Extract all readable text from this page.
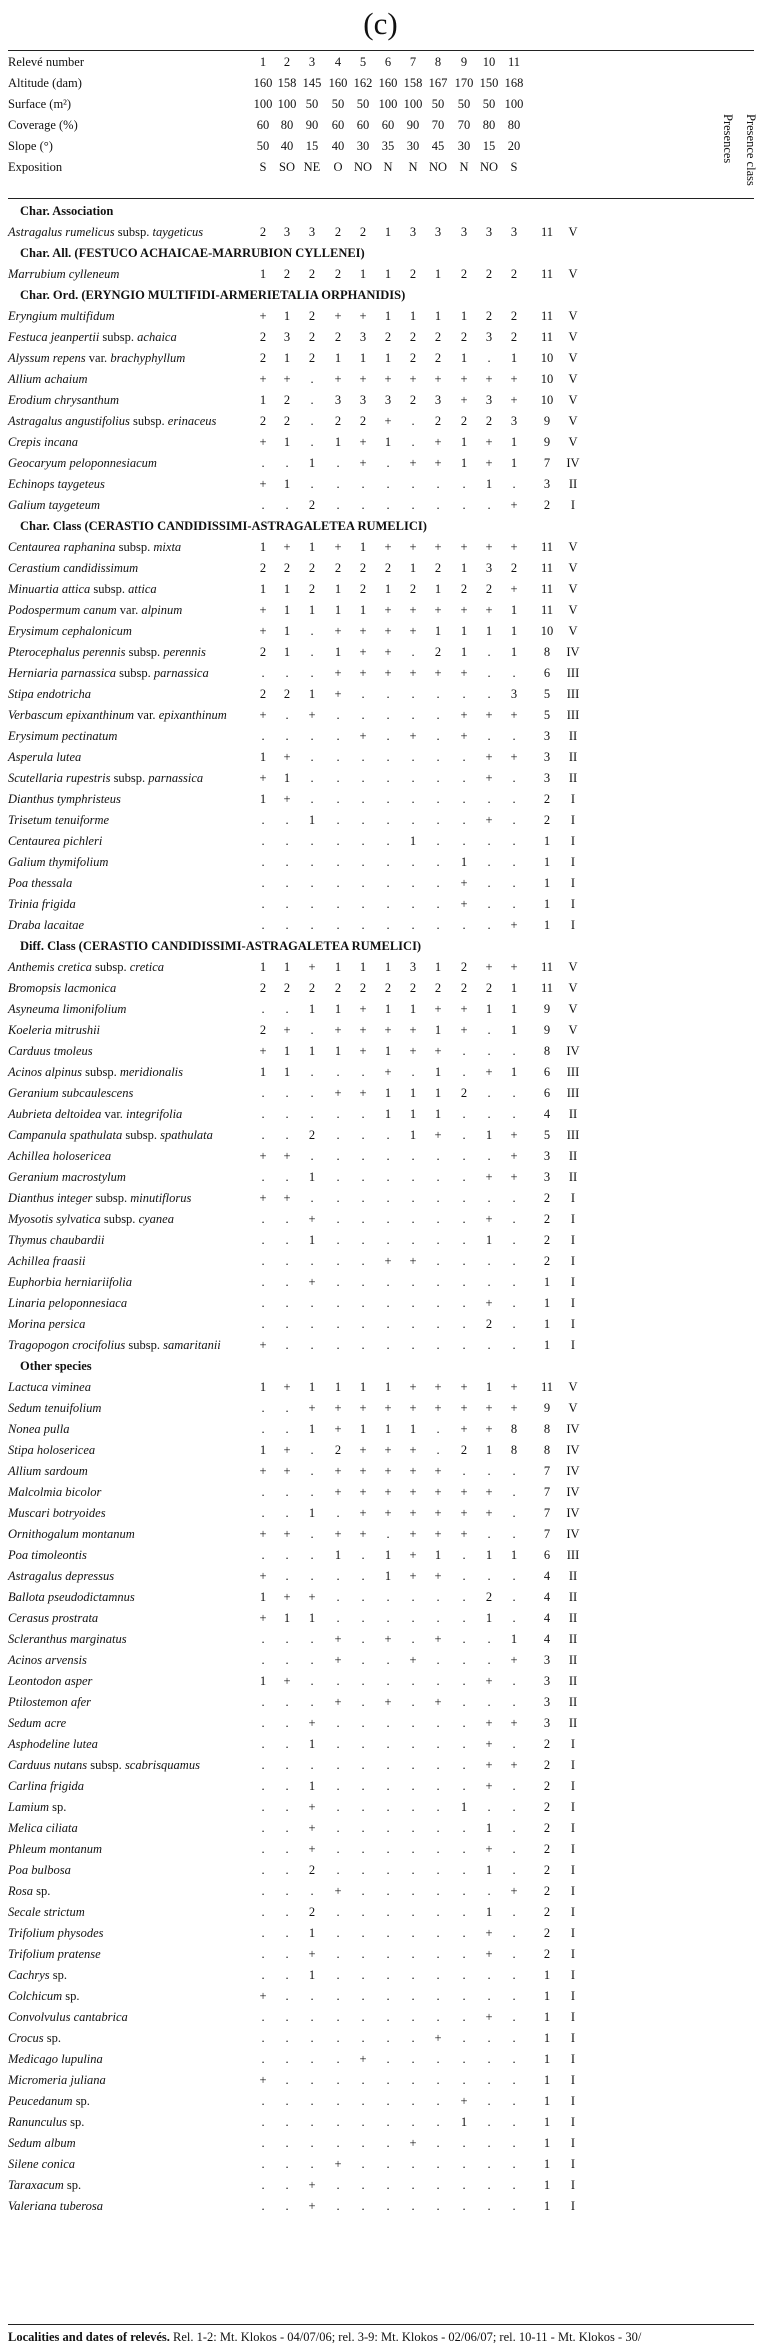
(c)
Relevé number	1	2	3	4	5	6	7	8	9	10	11
Altitude (dam)	160 158 145 160 162 160 158 167 170 150 168
Surface (m²)	100 100 50	50	50 100 100 50	50	50 100
Coverage (%)	60 80	90	60	60	60	90	70	70	80	80
Slope (°)	50 40	15	40	30	35	30	45	30	15	20
Exposition	S	SO NE	O NO N	N NO N NO S
Presences Presence class
Char. Association
Astragalus rumelicus subsp. taygeticus	2	3	3	2	2	1	3	3	3	3	3	11	V
Char. All. (FESTUCO ACHAICAE-MARRUBION CYLLENEI)
Marrubium cylleneum	1	2	2	2	1	1	2	1	2	2	2	11	V
Char. Ord. (ERYNGIO MULTIFIDI-ARMERIETALIA ORPHANIDIS)
Eryngium multifidum	+	1	2	+	+	1	1	1	1	2	2	11	V
Festuca jeanpertii subsp. achaica	2	3	2	2	3	2	2	2	2	3	2	11	V
Alyssum repens var. brachyphyllum	2	1	2	1	1	1	2	2	1	.	1	10	V
Allium achaium	+	+	.	+	+	+	+	+	+	+	+	10	V
Erodium chrysanthum	1	2	.	3	3	3	2	3	+	3	+	10	V
Astragalus angustifolius subsp. erinaceus	2	2	.	2	2	+	.	2	2	2	3	9	V
Crepis incana	+	1	.	1	+	1	.	+	1	+	1	9	V
Geocaryum peloponnesiacum	.	.	1	.	+	.	+	+	1	+	1	7	IV
Echinops taygeteus	+	1	.	.	.	.	.	.	.	1	.	3	II
Galium taygeteum	.	.	2	.	.	.	.	.	.	.	+	2	I
Char. Class (CERASTIO CANDIDISSIMI-ASTRAGALETEA RUMELICI)
Centaurea raphanina subsp. mixta	1	+	1	+	1	+	+	+	+	+	+	11	V
Cerastium candidissimum	2	2	2	2	2	2	1	2	1	3	2	11	V
Minuartia attica subsp. attica	1	1	2	1	2	1	2	1	2	2	+	11	V
Podospermum canum var. alpinum	+	1	1	1	1	+	+	+	+	+	1	11	V
Erysimum cephalonicum	+	1	.	+	+	+	+	1	1	1	1	10	V
Pterocephalus perennis subsp. perennis	2	1	.	1	+	+	.	2	1	.	1	8	IV
Herniaria parnassica subsp. parnassica	.	.	.	+	+	+	+	+	+	.	.	6	III
Stipa endotricha	2	2	1	+	.	.	.	.	.	.	3	5	III
Verbascum epixanthinum var. epixanthinum	+	.	+	.	.	.	.	.	+	+	+	5	III
Erysimum pectinatum	.	.	.	.	+	.	+	.	+	.	.	3	II
Asperula lutea	1	+	.	.	.	.	.	.	.	+	+	3	II
Scutellaria rupestris subsp. parnassica	+	1	.	.	.	.	.	.	.	+	.	3	II
Dianthus tymphristeus	1	+	.	.	.	.	.	.	.	.	.	2	I
Trisetum tenuiforme	.	.	1	.	.	.	.	.	.	+	.	2	I
Centaurea pichleri	.	.	.	.	.	.	1	.	.	.	.	1	I
Galium thymifolium	.	.	.	.	.	.	.	.	1	.	.	1	I
Poa thessala	.	.	.	.	.	.	.	.	+	.	.	1	I
Trinia frigida	.	.	.	.	.	.	.	.	+	.	.	1	I
Draba lacaitae	.	.	.	.	.	.	.	.	.	.	+	1	I
Diff. Class (CERASTIO CANDIDISSIMI-ASTRAGALETEA RUMELICI)
Anthemis cretica subsp. cretica	1	1	+	1	1	1	3	1	2	+	+	11	V
Bromopsis lacmonica	2	2	2	2	2	2	2	2	2	2	1	11	V
Asyneuma limonifolium	.	.	1	1	+	1	1	+	+	1	1	9	V
Koeleria mitrushii	2	+	.	+	+	+	+	1	+	.	1	9	V
Carduus tmoleus	+	1	1	1	+	1	+	+	.	.	.	8	IV
Acinos alpinus subsp. meridionalis	1	1	.	.	.	+	.	1	.	+	1	6	III
Geranium subcaulescens	.	.	.	+	+	1	1	1	2	.	.	6	III
Aubrieta deltoidea var. integrifolia	.	.	.	.	.	1	1	1	.	.	.	4	II
Campanula spathulata subsp. spathulata	.	.	2	.	.	.	1	+	.	1	+	5	III
Achillea holosericea	+	+	.	.	.	.	.	.	.	.	+	3	II
Geranium macrostylum	.	.	1	.	.	.	.	.	.	+	+	3	II
Dianthus integer subsp. minutiflorus	+	+	.	.	.	.	.	.	.	.	.	2	I
Myosotis sylvatica subsp. cyanea	.	.	+	.	.	.	.	.	.	+	.	2	I
Thymus chaubardii	.	.	1	.	.	.	.	.	.	1	.	2	I
Achillea fraasii	.	.	.	.	.	+	+	.	.	.	.	2	I
Euphorbia herniariifolia	.	.	+	.	.	.	.	.	.	.	.	1	I
Linaria peloponnesiaca	.	.	.	.	.	.	.	.	.	+	.	1	I
Morina persica	.	.	.	.	.	.	.	.	.	2	.	1	I
Tragopogon crocifolius subsp. samaritanii	+	.	.	.	.	.	.	.	.	.	.	1	I
Other species
Lactuca viminea	1	+	1	1	1	1	+	+	+	1	+	11	V
Sedum tenuifolium	.	.	+	+	+	+	+	+	+	+	+	9	V
Nonea pulla	.	.	1	+	1	1	1	.	+	+	8	8	IV
Stipa holosericea	1	+	.	2	+	+	+	.	2	1	8	8	IV
Allium sardoum	+	+	.	+	+	+	+	+	.	.	.	7	IV
Malcolmia bicolor	.	.	.	+	+	+	+	+	+	+	.	7	IV
Muscari botryoides	.	.	1	.	+	+	+	+	+	+	.	7	IV
Ornithogalum montanum	+	+	.	+	+	.	+	+	+	.	.	7	IV
Poa timoleontis	.	.	.	1	.	1	+	1	.	1	1	6	III
Astragalus depressus	+	.	.	.	.	1	+	+	.	.	.	4	II
Ballota pseudodictamnus	1	+	+	.	.	.	.	.	.	2	.	4	II
Cerasus prostrata	+	1	1	.	.	.	.	.	.	1	.	4	II
Scleranthus marginatus	.	.	.	+	.	+	.	+	.	.	1	4	II
Acinos arvensis	.	.	.	+	.	.	+	.	.	.	+	3	II
Leontodon asper	1	+	.	.	.	.	.	.	.	+	.	3	II
Ptilostemon afer	.	.	.	+	.	+	.	+	.	.	.	3	II
Sedum acre	.	.	+	.	.	.	.	.	.	+	+	3	II
Asphodeline lutea	.	.	1	.	.	.	.	.	.	+	.	2	I
Carduus nutans subsp. scabrisquamus	.	.	.	.	.	.	.	.	.	+	+	2	I
Carlina frigida	.	.	1	.	.	.	.	.	.	+	.	2	I
Lamium sp.	.	.	+	.	.	.	.	.	1	.	.	2	I
Melica ciliata	.	.	+	.	.	.	.	.	.	1	.	2	I
Phleum montanum	.	.	+	.	.	.	.	.	.	+	.	2	I
Poa bulbosa	.	.	2	.	.	.	.	.	.	1	.	2	I
Rosa sp.	.	.	.	+	.	.	.	.	.	.	+	2	I
Secale strictum	.	.	2	.	.	.	.	.	.	1	.	2	I
Trifolium physodes	.	.	1	.	.	.	.	.	.	+	.	2	I
Trifolium pratense	.	.	+	.	.	.	.	.	.	+	.	2	I
Cachrys sp.	.	.	1	.	.	.	.	.	.	.	.	1	I
Colchicum sp.	+	.	.	.	.	.	.	.	.	.	.	1	I
Convolvulus cantabrica	.	.	.	.	.	.	.	.	.	+	.	1	I
Crocus sp.	.	.	.	.	.	.	.	+	.	.	.	1	I
Medicago lupulina	.	.	.	.	+	.	.	.	.	.	.	1	I
Micromeria juliana	+	.	.	.	.	.	.	.	.	.	.	1	I
Peucedanum sp.	.	.	.	.	.	.	.	.	+	.	.	1	I
Ranunculus sp.	.	.	.	.	.	.	.	.	1	.	.	1	I
Sedum album	.	.	.	.	.	.	+	.	.	.	.	1	I
Silene conica	.	.	.	+	.	.	.	.	.	.	.	1	I
Taraxacum sp.	.	.	+	.	.	.	.	.	.	.	.	1	I
Valeriana tuberosa	.	.	+	.	.	.	.	.	.	.	.	1	I
Localities and dates of relevés. Rel. 1-2: Mt. Klokos - 04/07/06; rel. 3-9: Mt. Klokos - 02/06/07; rel. 10-11 - Mt. Klokos - 30/
